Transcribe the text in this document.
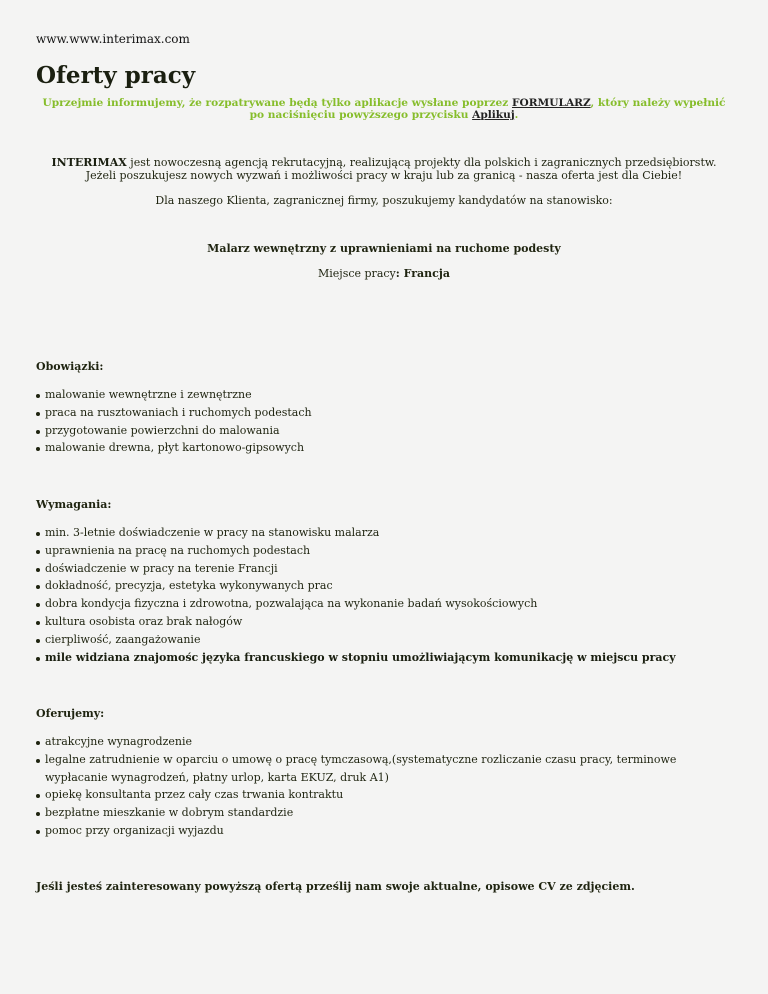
www.www.interimax.com
Oferty pracy
Uprzejmie informujemy, że rozpatrywane będą tylko aplikacje wysłane poprzez FORMULARZ, który należy wypełnić po naciśnięciu powyższego przycisku Aplikuj.
INTERIMAX jest nowoczesną agencją rekrutacyjną, realizującą projekty dla polskich i zagranicznych przedsiębiorstw. Jeżeli poszukujesz nowych wyzwań i możliwości pracy w kraju lub za granicą - nasza oferta jest dla Ciebie!
Dla naszego Klienta, zagranicznej firmy, poszukujemy kandydatów na stanowisko:
Malarz wewnętrzny z uprawnieniami na ruchome podesty
Miejsce pracy: Francja
Obowiązki:
malowanie wewnętrzne i zewnętrzne
praca na rusztowaniach i ruchomych podestach
przygotowanie powierzchni do malowania
malowanie drewna, płyt kartonowo-gipsowych
Wymagania:
min. 3-letnie doświadczenie w pracy na stanowisku malarza
uprawnienia na pracę na ruchomych podestach
doświadczenie w pracy na terenie Francji
dokładność, precyzja, estetyka wykonywanych prac
dobra kondycja fizyczna i zdrowotna, pozwalająca na wykonanie badań wysokościowych
kultura osobista oraz brak nałogów
cierpliwość, zaangażowanie
mile widziana znajomośc języka francuskiego w stopniu umożliwiającym komunikację w miejscu pracy
Oferujemy:
atrakcyjne wynagrodzenie
legalne zatrudnienie w oparciu o umowę o pracę tymczasową,(systematyczne rozliczanie czasu pracy, terminowe wypłacanie wynagrodzeń, płatny urlop, karta EKUZ, druk A1)
opiekę konsultanta przez cały czas trwania kontraktu
bezpłatne mieszkanie w dobrym standardzie
pomoc przy organizacji wyjazdu
Jeśli jesteś zainteresowany powyższą ofertą prześlij nam swoje aktualne, opisowe CV ze zdjęciem.
